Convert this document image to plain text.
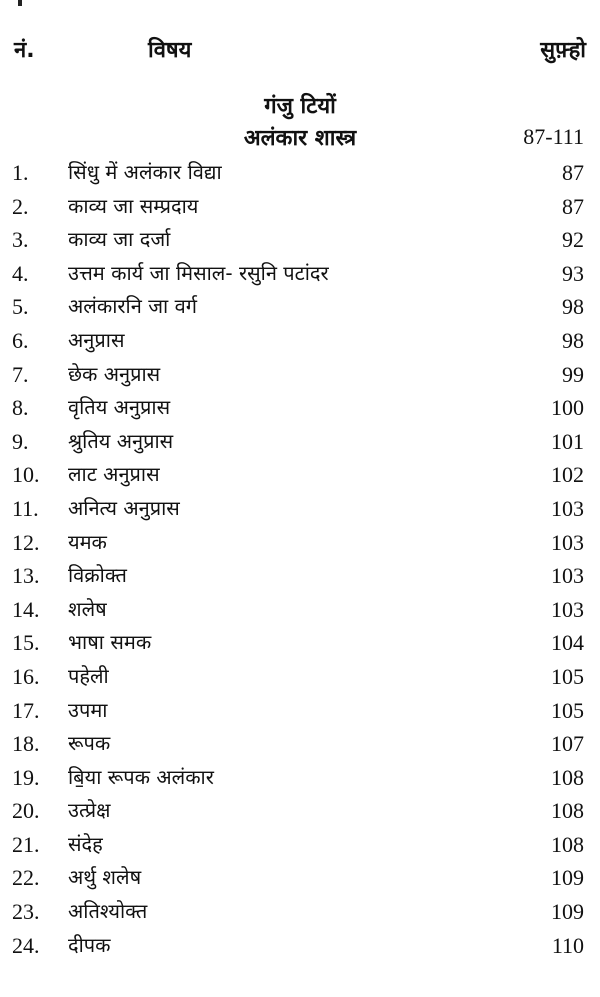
नं.	विषय	सुफ़्हो
गंजु टियों
अलंकार शास्त्र	87-111
1. सिंधु में अलंकार विद्या	87
2. काव्य जा सम्प्रदाय	87
3. काव्य जा दर्जा	92
4. उत्तम कार्य जा मिसाल- रसुनि पटांदर	93
5. अलंकारनि जा वर्ग	98
6. अनुप्रास	98
7. छेक अनुप्रास	99
8. वृतिय अनुप्रास	100
9. श्रुतिय अनुप्रास	101
10. लाट अनुप्रास	102
11. अनित्य अनुप्रास	103
12. यमक	103
13. विक्रोक्त	103
14. शलेष	103
15. भाषा समक	104
16. पहेली	105
17. उपमा	105
18. रूपक	107
19. बि॒या रूपक अलंकार	108
20. उत्प्रेक्ष	108
21. संदेह	108
22. अर्थु शलेष	109
23. अतिश्योक्त	109
24. दीपक	110
